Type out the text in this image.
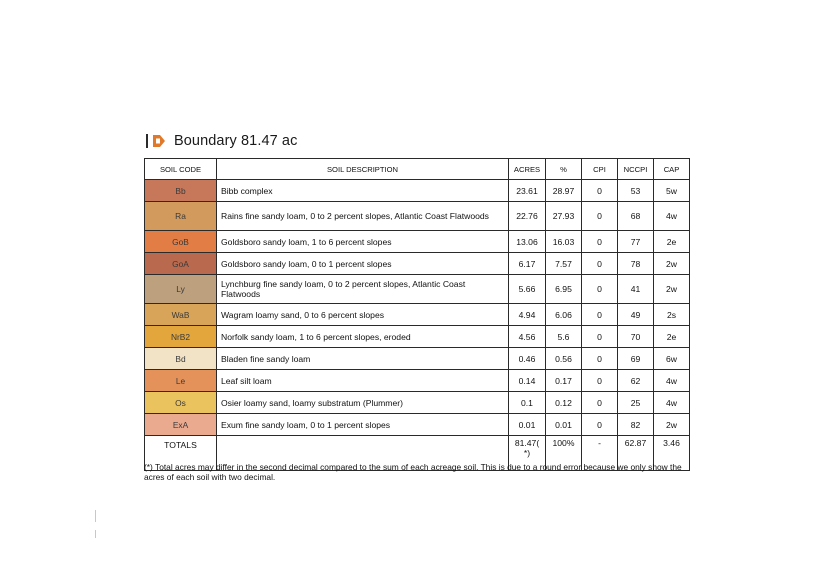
Boundary 81.47 ac
SOIL CODE	SOIL DESCRIPTION	ACRES	%	CPI	NCCPI	CAP
Bb	Bibb complex	23.61	28.97	0	53	5w
Ra	Rains fine sandy loam, 0 to 2 percent slopes, Atlantic Coast Flatwoods	22.76	27.93	0	68	4w
GoB	Goldsboro sandy loam, 1 to 6 percent slopes	13.06	16.03	0	77	2e
GoA	Goldsboro sandy loam, 0 to 1 percent slopes	6.17	7.57	0	78	2w
Ly	Lynchburg fine sandy loam, 0 to 2 percent slopes, Atlantic Coast Flatwoods	5.66	6.95	0	41	2w
WaB	Wagram loamy sand, 0 to 6 percent slopes	4.94	6.06	0	49	2s
NrB2	Norfolk sandy loam, 1 to 6 percent slopes, eroded	4.56	5.6	0	70	2e
Bd	Bladen fine sandy loam	0.46	0.56	0	69	6w
Le	Leaf silt loam	0.14	0.17	0	62	4w
Os	Osier loamy sand, loamy substratum (Plummer)	0.1	0.12	0	25	4w
ExA	Exum fine sandy loam, 0 to 1 percent slopes	0.01	0.01	0	82	2w
TOTALS		81.47( *)	100%	-	62.87	3.46
(*) Total acres may differ in the second decimal compared to the sum of each acreage soil. This is due to a round error because we only show the acres of each soil with two decimal.
